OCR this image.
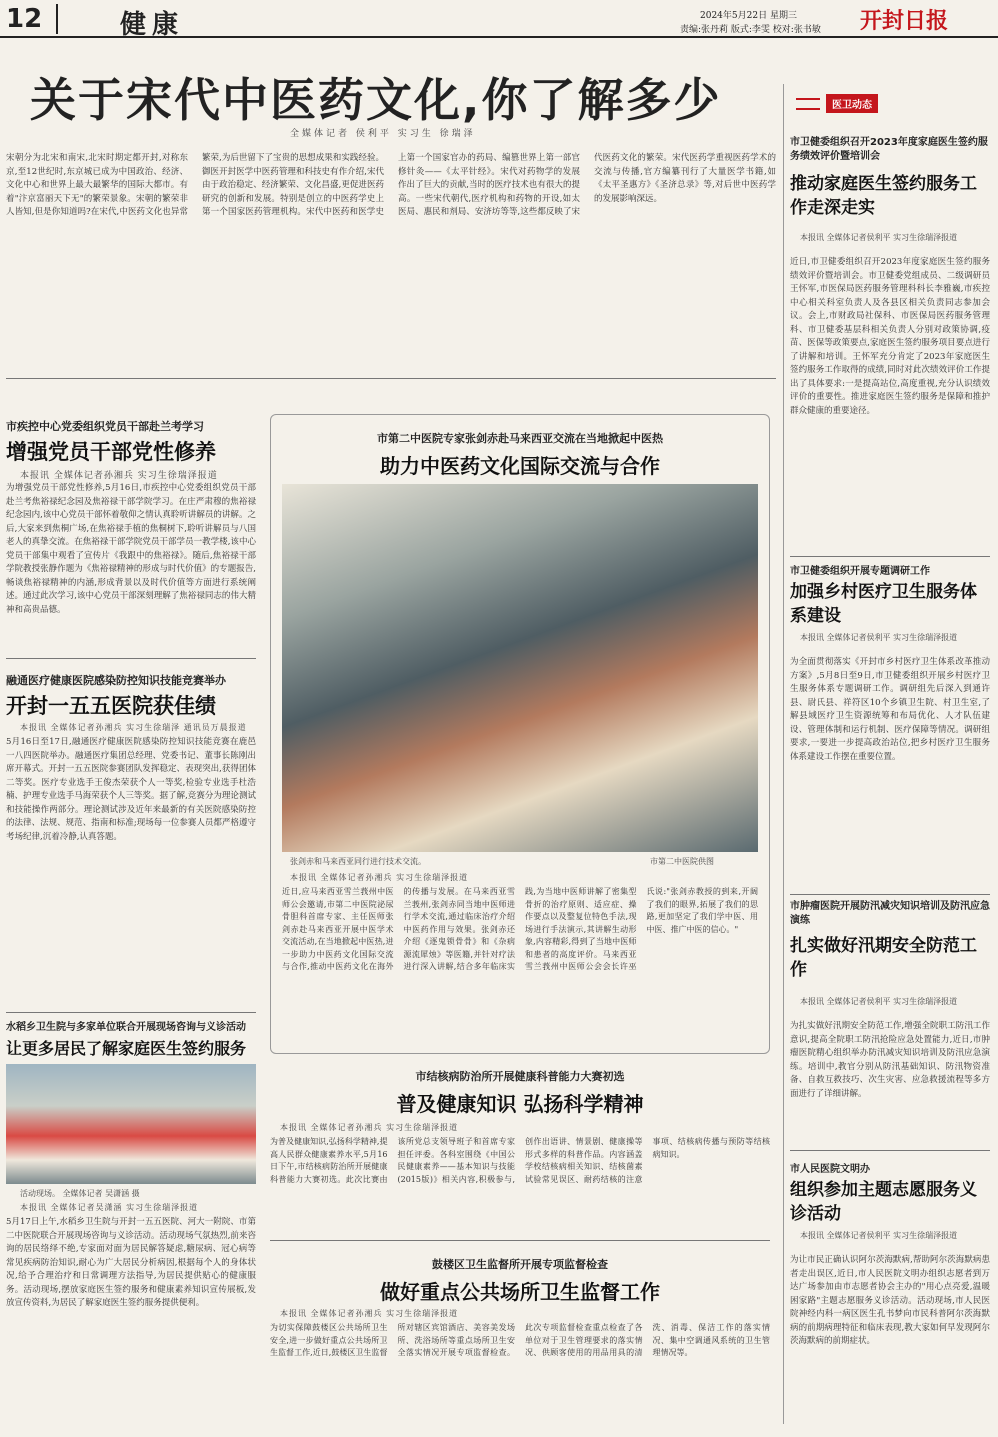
12	健康	2024年5月22日 星期三
责编:张丹莉 版式:李雯 校对:张书敏 开封日报
关于宋代中医药文化,你了解多少
全媒体记者 侯利平 实习生 徐瑞泽
宋朝分为北宋和南宋,北宋时期定都开封,对称东京,至12世纪时,东京城已成为中国政治、经济、文化中心和世界上最大最繁华的国际大都市。有着"汴京富丽天下无"的繁荣景象。宋朝的繁荣非人皆知,但是你知道吗?在宋代,中医药文化也异常繁荣,为后世留下了宝贵的思想成果和实践经验。御医开封医学中医药管理和科技史有作介绍,宋代由于政治稳定、经济繁荣、文化昌盛,更促进医药研究的创新和发展。特别是创立的中医药学史上第一个国家医药管理机构。宋代中医药和医学史上第一个国家官办的药局、编篡世界上第一部官修针灸——《太平针经》。宋代对药物学的发展作出了巨大的贡献,当时的医疗技术也有很大的提高。一些宋代朝代,医疗机构和药物的开设,如太医局、惠民和剂局、安济坊等等,这些都反映了宋代医药文化的繁荣。宋代医药学重视医药学术的交流与传播,官方编纂刊行了大量医学书籍,如《太平圣惠方》《圣济总录》等,对后世中医药学的发展影响深远。
市疾控中心党委组织党员干部赴兰考学习
增强党员干部党性修养
本报讯 全媒体记者孙湘兵 实习生徐瑞泽报道
为增强党员干部党性修养,5月16日,市疾控中心党委组织党员干部赴兰考焦裕禄纪念园及焦裕禄干部学院学习。在庄严肃穆的焦裕禄纪念园内,该中心党员干部怀着敬仰之情认真聆听讲解员的讲解。之后,大家来到焦桐广场,在焦裕禄手植的焦桐树下,聆听讲解员与八国老人的真挚交流。在焦裕禄干部学院党员干部学员一教学楼,该中心党员干部集中观看了宣传片《我跟中的焦裕禄》。随后,焦裕禄干部学院教授张静作题为《焦裕禄精神的形成与时代价值》的专题报告,畅谈焦裕禄精神的内涵,形成背景以及时代价值等方面进行系统阐述。通过此次学习,该中心党员干部深刻理解了焦裕禄同志的伟大精神和高贵品德。
融通医疗健康医院感染防控知识技能竞赛举办
开封一五五医院获佳绩
本报讯 全媒体记者孙湘兵 实习生徐瑞泽 通讯员万晨报道
5月16日至17日,融通医疗健康医院感染防控知识技能竞赛在鹿邑一八四医院举办。融通医疗集团总经理、党委书记、董事长陈刚出席开幕式。开封一五五医院参赛团队发挥稳定、表现突出,获得团体二等奖。医疗专业选手王俊杰荣获个人一等奖,检验专业选手杜浩楠、护理专业选手马海荣获个人三等奖。据了解,竞赛分为理论测试和技能操作两部分。理论测试涉及近年来最新的有关医院感染防控的法律、法规、规范、指南和标准;现场每一位参赛人员都严格遵守考场纪律,沉着冷静,认真答题。
水稻乡卫生院与多家单位联合开展现场咨询与义诊活动
让更多居民了解家庭医生签约服务
活动现场。 全媒体记者 吴潇涵 摄
本报讯 全媒体记者吴潇涵 实习生徐瑞泽报道
5月17日上午,水稻乡卫生院与开封一五五医院、河大一附院、市第二中医院联合开展现场咨询与义诊活动。活动现场气氛热烈,前来咨询的居民络绎不绝,专家面对面为居民解答疑虑,糖尿病、冠心病等常见疾病防治知识,耐心为广大居民分析病因,根据每个人的身体状况,给予合理治疗和日常调理方法指导,为居民提供贴心的健康服务。活动现场,摆放家庭医生签约服务和健康素养知识宣传展板,发放宣传资料,为居民了解家庭医生签约服务提供便利。
市第二中医院专家张剑赤赴马来西亚交流在当地掀起中医热
助力中医药文化国际交流与合作
张剑赤和马来西亚同行进行技术交流。	市第二中医院供图
本报讯 全媒体记者孙湘兵 实习生徐瑞泽报道
近日,应马来西亚雪兰莪州中医师公会邀请,市第二中医院泌尿骨胆科首席专家、主任医师张剑赤赴马来西亚开展中医学术交流活动,在当地掀起中医热,进一步助力中医药文化国际交流与合作,推动中医药文化在海外的传播与发展。在马来西亚雪兰莪州,张剑赤同当地中医师进行学术交流,通过临床治疗介绍中医药作用与效果。张剑赤还介绍《逐鬼锁骨骨》和《杂病源流犀烛》等医籍,并针对疗法进行深入讲解,结合多年临床实践,为当地中医师讲解了密集型骨折的治疗原则、适应症、操作要点以及整复位特色手法,现场进行手法演示,其讲解生动形象,内容精彩,得到了当地中医师和患者的高度评价。马来西亚雪兰莪州中医师公会会长许巫氏说:"张剑赤教授的到来,开阔了我们的眼界,拓展了我们的思路,更加坚定了我们学中医、用中医、推广中医的信心。"
市结核病防治所开展健康科普能力大赛初选
普及健康知识 弘扬科学精神
本报讯 全媒体记者孙湘兵 实习生徐瑞泽报道
为普及健康知识,弘扬科学精神,提高人民群众健康素养水平,5月16日下午,市结核病防治所开展健康科普能力大赛初选。此次比赛由该所党总支领导班子和首席专家担任评委。各科室围绕《中国公民健康素养——基本知识与技能(2015版)》相关内容,积极参与,创作出语讲、情景剧、健康操等形式多样的科普作品。内容涵盖学校结核病相关知识、结核菌素试验常见误区、耐药结核的注意事项、结核病传播与预防等结核病知识。
鼓楼区卫生监督所开展专项监督检查
做好重点公共场所卫生监督工作
本报讯 全媒体记者孙湘兵 实习生徐瑞泽报道
为切实保障鼓楼区公共场所卫生安全,进一步做好重点公共场所卫生监督工作,近日,鼓楼区卫生监督所对辖区宾馆酒店、美容美发场所、洗浴场所等重点场所卫生安全落实情况开展专项监督检查。此次专项监督检查重点检查了各单位对于卫生管理要求的落实情况、供顾客使用的用品用具的清洗、消毒、保洁工作的落实情况、集中空调通风系统的卫生管理情况等。
医卫动态
市卫健委组织召开2023年度家庭医生签约服务绩效评价暨培训会
推动家庭医生签约服务工作走深走实
本报讯 全媒体记者侯利平 实习生徐瑞泽报道
近日,市卫健委组织召开2023年度家庭医生签约服务绩效评价暨培训会。市卫健委党组成员、二级调研员王怀军,市医保局医药服务管理科科长李雅巍,市疾控中心相关科室负责人及各县区相关负责同志参加会议。会上,市财政局社保科、市医保局医药服务管理科、市卫健委基层科相关负责人分别对政策协调,疫苗、医保等政策要点,家庭医生签约服务项目要点进行了讲解和培训。王怀军充分肯定了2023年家庭医生签约服务工作取得的成绩,同时对此次绩效评价工作提出了具体要求:一是提高站位,高度重视,充分认识绩效评价的重要性。推进家庭医生签约服务是保障和推护群众健康的重要途径。
市卫健委组织开展专题调研工作
加强乡村医疗卫生服务体系建设
本报讯 全媒体记者侯利平 实习生徐瑞泽报道
为全面贯彻落实《开封市乡村医疗卫生体系改革推动方案》,5月8日至9日,市卫健委组织开展乡村医疗卫生服务体系专题调研工作。调研组先后深入到通许县、尉氏县、祥符区10个乡镇卫生院、村卫生室,了解县域医疗卫生资源统筹和布局优化、人才队伍建设、管理体制和运行机制、医疗保障等情况。调研组要求,一要进一步提高政治站位,把乡村医疗卫生服务体系建设工作摆在重要位置。
市肿瘤医院开展防汛减灾知识培训及防汛应急演练
扎实做好汛期安全防范工作
本报讯 全媒体记者侯利平 实习生徐瑞泽报道
为扎实做好汛期安全防范工作,增强全院职工防汛工作意识,提高全院职工防汛抢险应急处置能力,近日,市肿瘤医院精心组织举办防汛减灾知识培训及防汛应急演练。培训中,教官分别从防汛基础知识、防汛物资准备、自救互救技巧、次生灾害、应急救援流程等多方面进行了详细讲解。
市人民医院文明办
组织参加主题志愿服务义诊活动
本报讯 全媒体记者侯利平 实习生徐瑞泽报道
为让市民正确认识阿尔茨海默病,帮助阿尔茨海默病患者走出误区,近日,市人民医院文明办组织志愿者到万达广场参加由市志愿者协会主办的"用心点亮爱,温暖困家路"主题志愿服务义诊活动。活动现场,市人民医院神经内科一病区医生孔书梦向市民科普阿尔茨海默病的前期病理特征和临床表现,教大家如何早发现阿尔茨海默病的前期症状。
